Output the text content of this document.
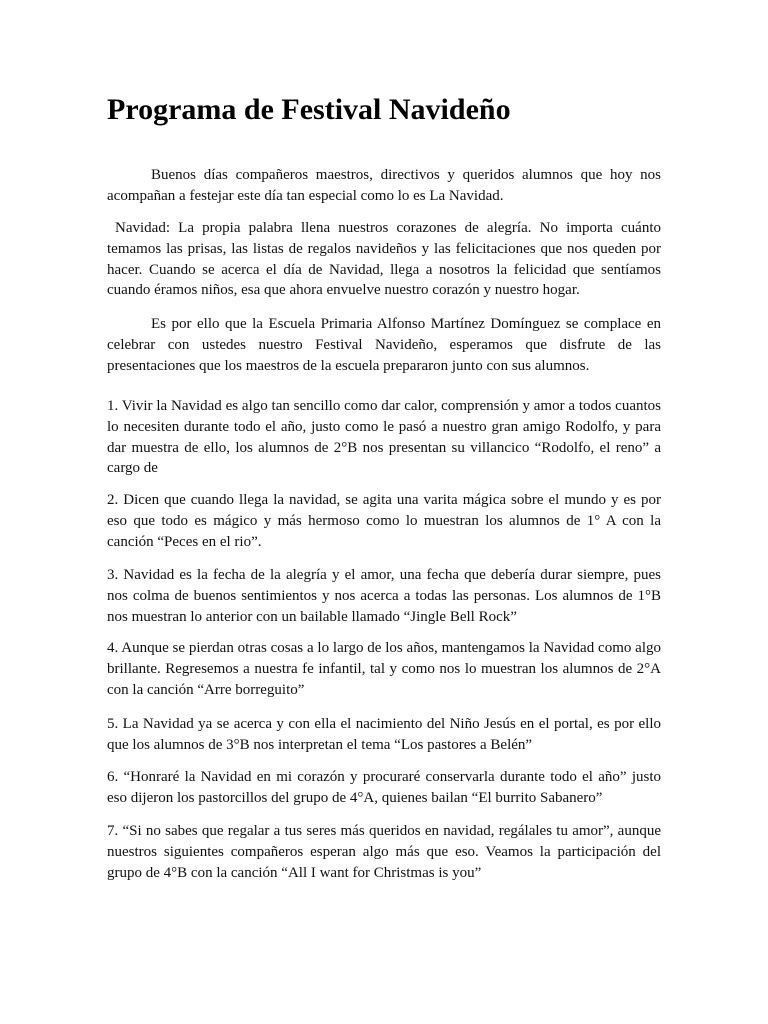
Programa de Festival Navideño

Buenos días compañeros maestros, directivos y queridos alumnos que hoy nos acompañan a festejar este día tan especial como lo es La Navidad.

Navidad: La propia palabra llena nuestros corazones de alegría. No importa cuánto temamos las prisas, las listas de regalos navideños y las felicitaciones que nos queden por hacer. Cuando se acerca el día de Navidad, llega a nosotros la felicidad que sentíamos cuando éramos niños, esa que ahora envuelve nuestro corazón y nuestro hogar.

Es por ello que la Escuela Primaria Alfonso Martínez Domínguez se complace en celebrar con ustedes nuestro Festival Navideño, esperamos que disfrute de las presentaciones que los maestros de la escuela prepararon junto con sus alumnos.

1. Vivir la Navidad es algo tan sencillo como dar calor, comprensión y amor a todos cuantos lo necesiten durante todo el año, justo como le pasó a nuestro gran amigo Rodolfo, y para dar muestra de ello, los alumnos de 2°B nos presentan su villancico “Rodolfo, el reno” a cargo de

2. Dicen que cuando llega la navidad, se agita una varita mágica sobre el mundo y es por eso que todo es mágico y más hermoso como lo muestran los alumnos de 1° A con la canción “Peces en el rio”.

3. Navidad es la fecha de la alegría y el amor, una fecha que debería durar siempre, pues nos colma de buenos sentimientos y nos acerca a todas las personas. Los alumnos de 1°B nos muestran lo anterior con un bailable llamado “Jingle Bell Rock”

4. Aunque se pierdan otras cosas a lo largo de los años, mantengamos la Navidad como algo brillante. Regresemos a nuestra fe infantil, tal y como nos lo muestran los alumnos de 2°A con la canción “Arre borreguito”

5. La Navidad ya se acerca y con ella el nacimiento del Niño Jesús en el portal, es por ello que los alumnos de 3°B nos interpretan el tema “Los pastores a Belén”

6. “Honraré la Navidad en mi corazón y procuraré conservarla durante todo el año” justo eso dijeron los pastorcillos del grupo de 4°A, quienes bailan “El burrito Sabanero”

7. “Si no sabes que regalar a tus seres más queridos en navidad, regálales tu amor”, aunque nuestros siguientes compañeros esperan algo más que eso. Veamos la participación del grupo de 4°B con la canción “All I want for Christmas is you”
